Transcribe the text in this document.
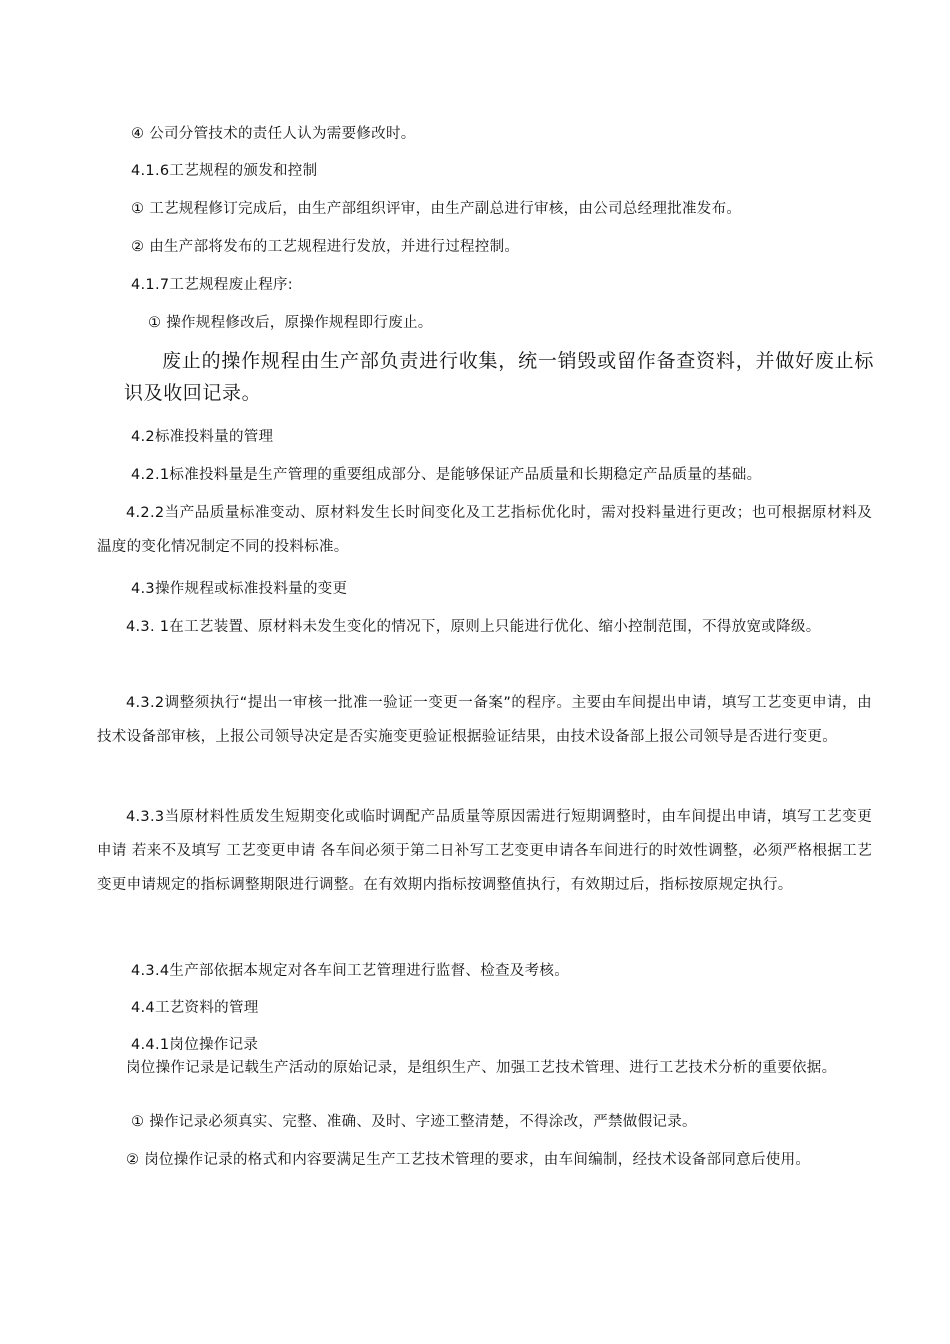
④ 公司分管技术的责任人认为需要修改时。
4.1.6工艺规程的颁发和控制
① 工艺规程修订完成后，由生产部组织评审，由生产副总进行审核，由公司总经理批准发布。
② 由生产部将发布的工艺规程进行发放，并进行过程控制。
4.1.7工艺规程废止程序:
① 操作规程修改后，原操作规程即行废止。
废止的操作规程由生产部负责进行收集，统一销毁或留作备查资料，并做好废止标识及收回记录。
4.2标准投料量的管理
4.2.1标准投料量是生产管理的重要组成部分、是能够保证产品质量和长期稳定产品质量的基础。
4.2.2当产品质量标准变动、原材料发生长时间变化及工艺指标优化时，需对投料量进行更改；也可根据原材料及温度的变化情况制定不同的投料标准。
4.3操作规程或标准投料量的变更
4.3. 1在工艺装置、原材料未发生变化的情况下，原则上只能进行优化、缩小控制范围，不得放宽或降级。
4.3.2调整须执行“提出一审核一批准一验证一变更一备案”的程序。主要由车间提出申请，填写工艺变更申请，由技术设备部审核，上报公司领导决定是否实施变更验证根据验证结果，由技术设备部上报公司领导是否进行变更。
4.3.3当原材料性质发生短期变化或临时调配产品质量等原因需进行短期调整时，由车间提出申请，填写工艺变更申请 若来不及填写 工艺变更申请 各车间必须于第二日补写工艺变更申请各车间进行的时效性调整，必须严格根据工艺变更申请规定的指标调整期限进行调整。在有效期内指标按调整值执行，有效期过后，指标按原规定执行。
4.3.4生产部依据本规定对各车间工艺管理进行监督、检查及考核。
4.4工艺资料的管理
4.4.1岗位操作记录
岗位操作记录是记载生产活动的原始记录，是组织生产、加强工艺技术管理、进行工艺技术分析的重要依据。
① 操作记录必须真实、完整、准确、及时、字迹工整清楚，不得涂改，严禁做假记录。
② 岗位操作记录的格式和内容要满足生产工艺技术管理的要求，由车间编制，经技术设备部同意后使用。
